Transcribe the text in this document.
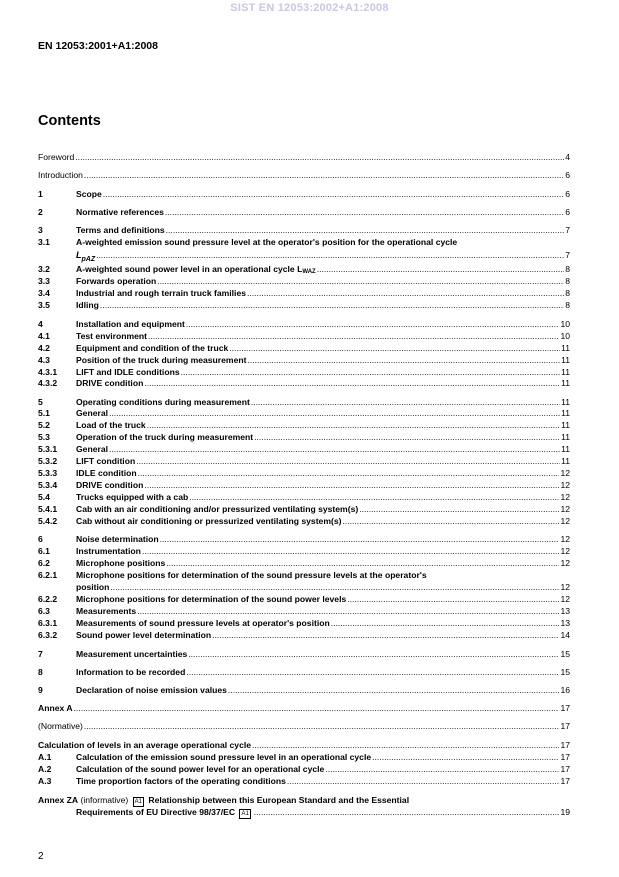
SIST EN 12053:2002+A1:2008
EN 12053:2001+A1:2008
Contents
Foreword .....	4
Introduction .....	6
1	Scope .....	6
2	Normative references .....	6
3	Terms and definitions .....	7
3.1	A-weighted emission sound pressure level at the operator's position for the operational cycle
$L_{pAZ}$ .....	7
3.2	A-weighted sound power level in an operational cycle LWAZ .....	8
3.3	Forwards operation .....	8
3.4	Industrial and rough terrain truck families .....	8
3.5	Idling .....	8
4	Installation and equipment .....	10
4.1	Test environment .....	10
4.2	Equipment and condition of the truck .....	11
4.3	Position of the truck during measurement .....	11
4.3.1	LIFT and IDLE conditions .....	11
4.3.2	DRIVE condition .....	11
5	Operating conditions during measurement .....	11
5.1	General .....	11
5.2	Load of the truck .....	11
5.3	Operation of the truck during measurement .....	11
5.3.1	General .....	11
5.3.2	LIFT condition .....	11
5.3.3	IDLE condition .....	12
5.3.4	DRIVE condition .....	12
5.4	Trucks equipped with a cab .....	12
5.4.1	Cab with an air conditioning and/or pressurized ventilating system(s) .....	12
5.4.2	Cab without air conditioning or pressurized ventilating system(s) .....	12
6	Noise determination .....	12
6.1	Instrumentation .....	12
6.2	Microphone positions .....	12
6.2.1	Microphone positions for determination of the sound pressure levels at the operator's
position .....	12
6.2.2	Microphone positions for determination of the sound power levels .....	12
6.3	Measurements .....	13
6.3.1	Measurements of sound pressure levels at operator's position .....	13
6.3.2	Sound power level determination .....	14
7	Measurement uncertainties .....	15
8	Information to be recorded .....	15
9	Declaration of noise emission values .....	16
Annex A .....	17
(Normative) .....	17
Calculation of levels in an average operational cycle .....	17
A.1	Calculation of the emission sound pressure level in an operational cycle .....	17
A.2	Calculation of the sound power level for an operational cycle .....	17
A.3	Time proportion factors of the operating conditions .....	17
Annex ZA (informative) A1 Relationship between this European Standard and the Essential
Requirements of EU Directive 98/37/EC A1 .....	19
2
